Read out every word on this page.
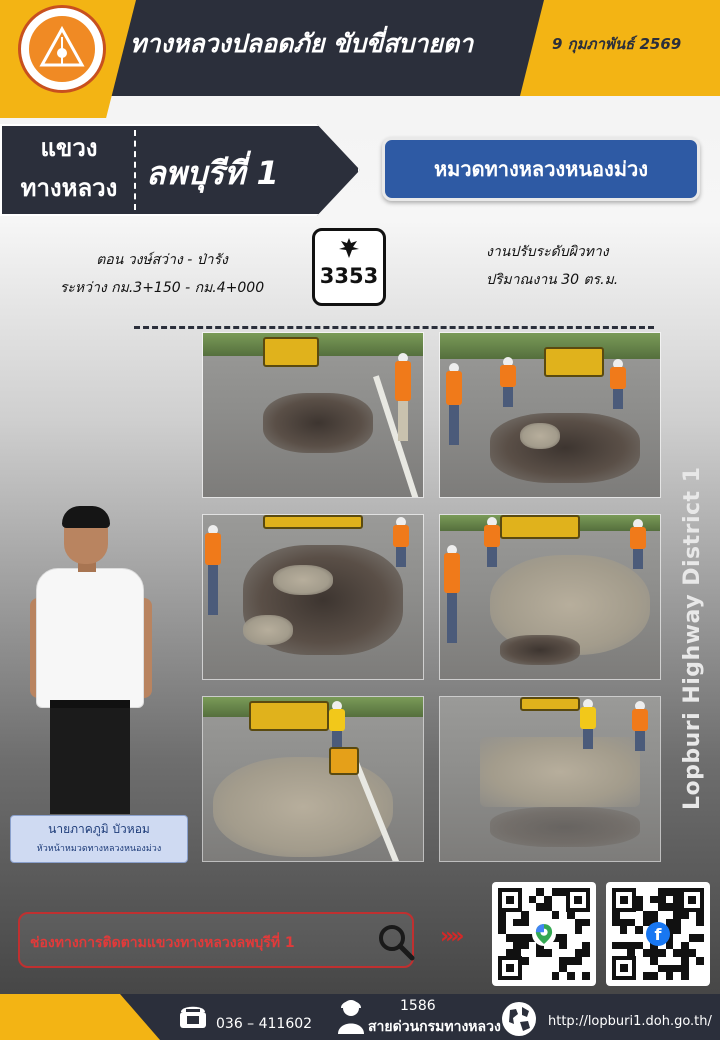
ทางหลวงปลอดภัย ขับขี่สบายตา	9 กุมภาพันธ์ 2569
แขวง
ทางหลวง ลพบุรีที่ 1	หมวดทางหลวงหนองม่วง
ตอน วงษ์สว่าง - ป่ารัง
ระหว่าง กม.3+150 - กม.4+000	3353
งานปรับระดับผิวทาง
ปริมาณงาน 30 ตร.ม.
นายภาคภูมิ บัวหอม
หัวหน้าหมวดทางหลวงหนองม่วง
Lopburi Highway District 1
ช่องทางการติดตามแขวงทางหลวงลพบุรีที่ 1	»»	f
036 – 411602
1586
สายด่วนกรมทางหลวง	http://lopburi1.doh.go.th/
